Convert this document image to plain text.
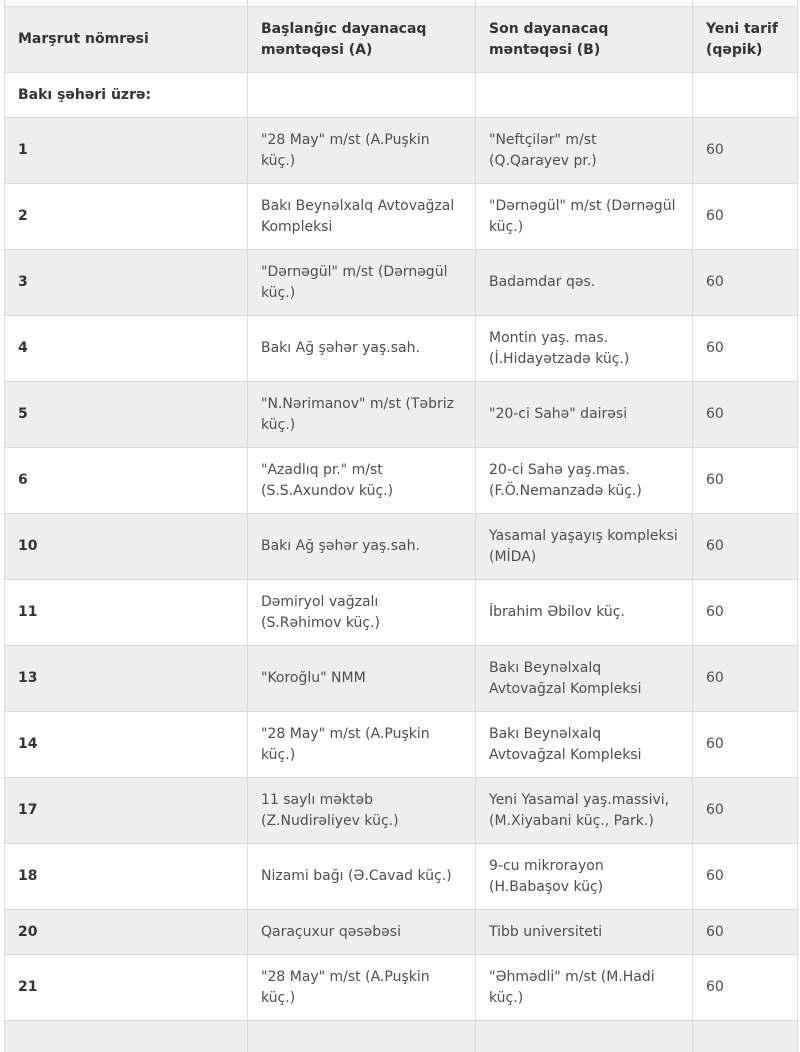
Marşrut nömrəsi	Başlanğıc dayanacaq məntəqəsi (A)	Son dayanacaq məntəqəsi (B)	Yeni tarif (qəpik)
Bakı şəhəri üzrə:			
1	"28 May" m/st (A.Puşkin küç.)	"Neftçilər" m/st (Q.Qarayev pr.)	60
2	Bakı Beynəlxalq Avtovağzal Kompleksi	"Dərnəgül" m/st (Dərnəgül küç.)	60
3	"Dərnəgül" m/st (Dərnəgül küç.)	Badamdar qəs.	60
4	Bakı Ağ şəhər yaş.sah.	Montin yaş. mas. (İ.Hidayətzadə küç.)	60
5	"N.Nərimanov" m/st (Təbriz küç.)	"20-ci Sahə" dairəsi	60
6	"Azadlıq pr." m/st (S.S.Axundov küç.)	20-ci Sahə yaş.mas. (F.Ö.Nemanzadə küç.)	60
10	Bakı Ağ şəhər yaş.sah.	Yasamal yaşayış kompleksi (MİDA)	60
11	Dəmiryol vağzalı (S.Rəhimov küç.)	İbrahim Əbilov küç.	60
13	"Koroğlu" NMM	Bakı Beynəlxalq Avtovağzal Kompleksi	60
14	"28 May" m/st (A.Puşkin küç.)	Bakı Beynəlxalq Avtovağzal Kompleksi	60
17	11 saylı məktəb (Z.Nudirəliyev küç.)	Yeni Yasamal yaş.massivi, (M.Xiyabani küç., Park.)	60
18	Nizami bağı (Ə.Cavad küç.)	9-cu mikrorayon (H.Babaşov küç)	60
20	Qaraçuxur qəsəbəsi	Tibb universiteti	60
21	"28 May" m/st (A.Puşkin küç.)	"Əhmədli" m/st (M.Hadi küç.)	60
